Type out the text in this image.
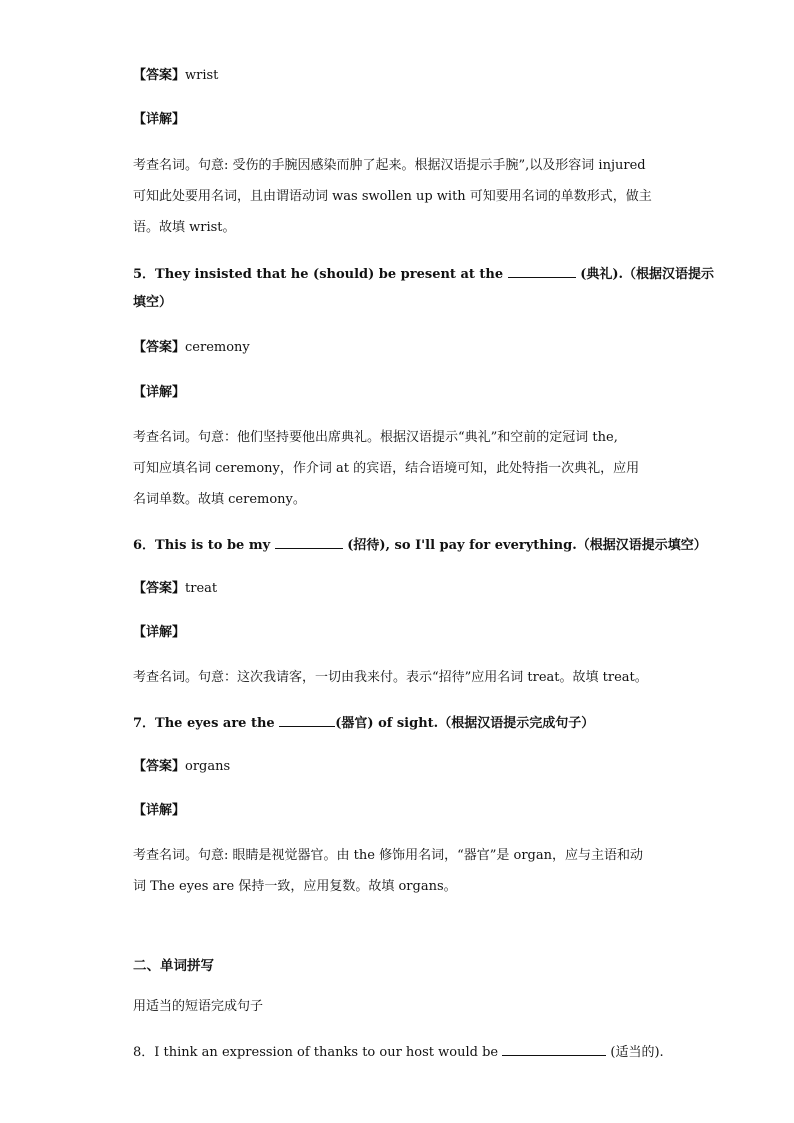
【答案】wrist
【详解】
考查名词。句意: 受伤的手腕因感染而肿了起来。根据汉语提示手腕”,以及形容词 injured
可知此处要用名词，且由谓语动词 was swollen up with 可知要用名词的单数形式，做主
语。故填 wrist。
5．They insisted that he (should) be present at the	(典礼).（根据汉语提示
填空）
【答案】ceremony
【详解】
考查名词。句意：他们坚持要他出席典礼。根据汉语提示“典礼”和空前的定冠词 the,
可知应填名词 ceremony，作介词 at 的宾语，结合语境可知，此处特指一次典礼，应用
名词单数。故填 ceremony。
6．This is to be my	(招待), so I'll pay for everything.（根据汉语提示填空）
【答案】treat
【详解】
考查名词。句意：这次我请客，一切由我来付。表示“招待”应用名词 treat。故填 treat。
7．The eyes are the	(器官) of sight.（根据汉语提示完成句子）
【答案】organs
【详解】
考查名词。句意: 眼睛是视觉器官。由 the 修饰用名词，“器官”是 organ，应与主语和动
词 The eyes are 保持一致，应用复数。故填 organs。
二、单词拼写
用适当的短语完成句子
8．I think an expression of thanks to our host would be	(适当的).
